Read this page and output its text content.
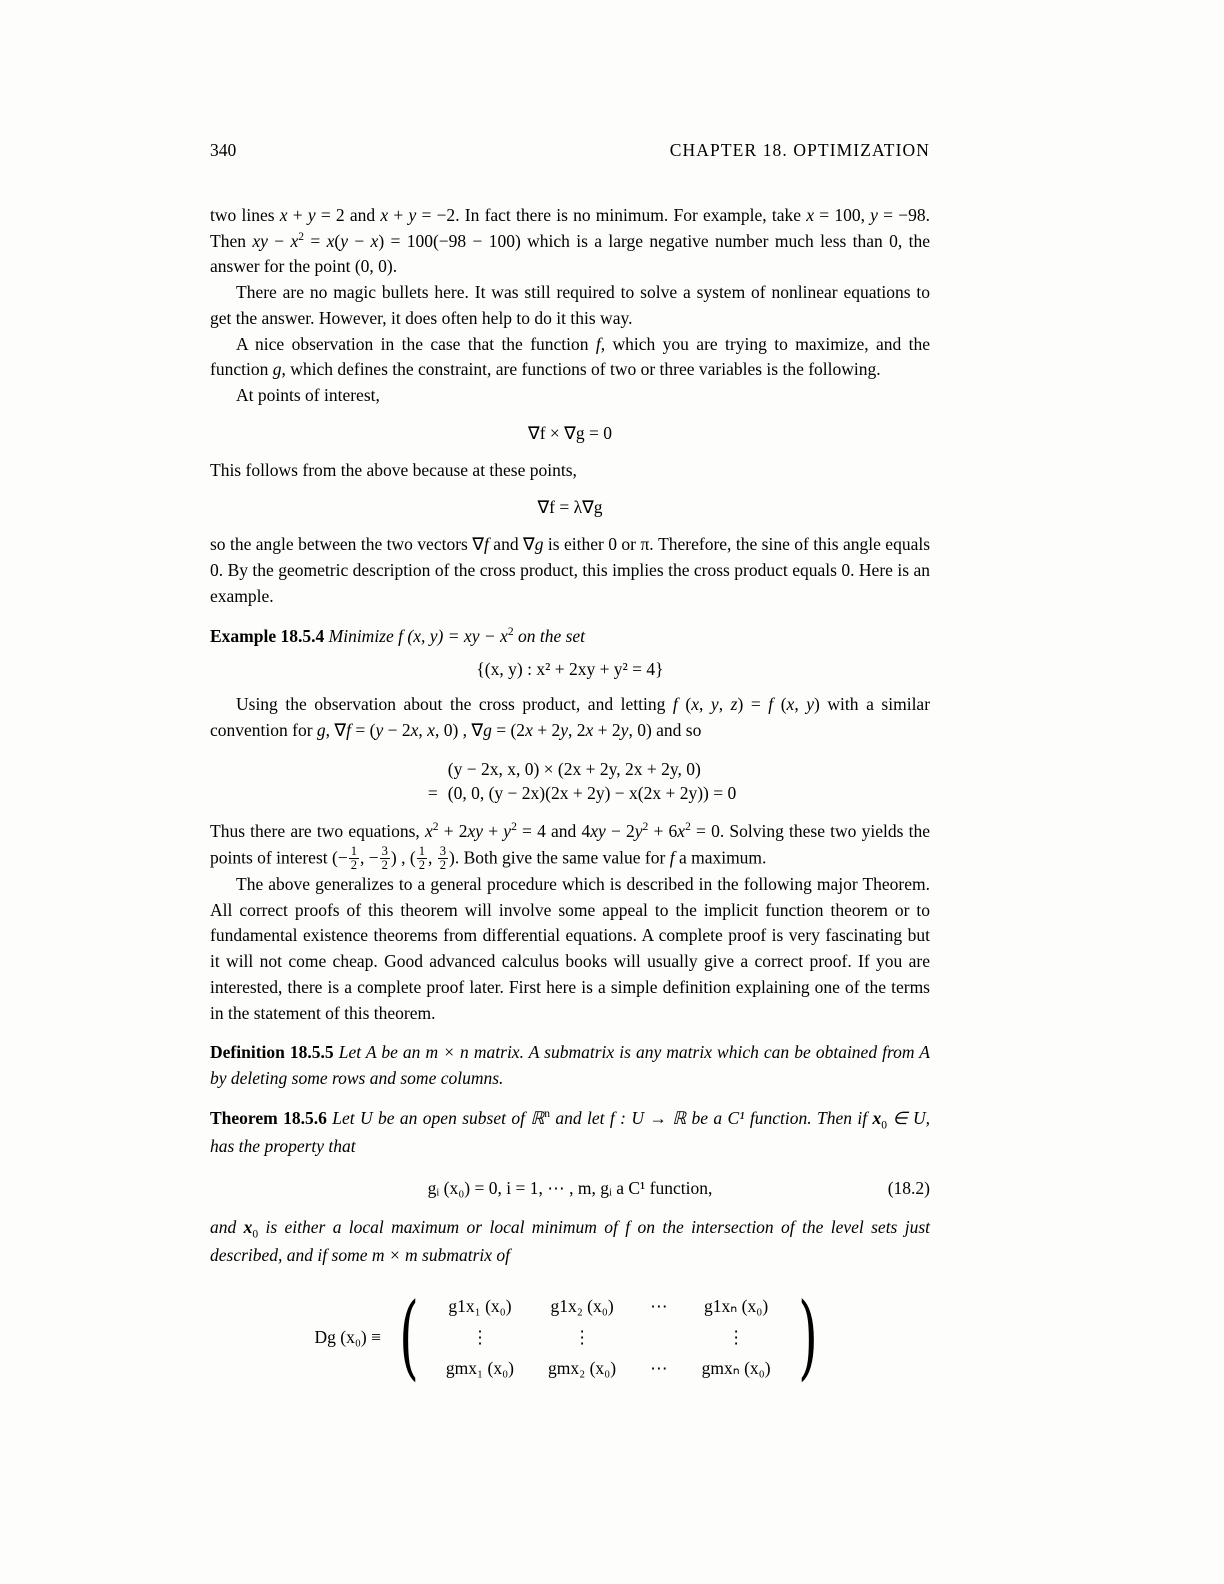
340	CHAPTER 18. OPTIMIZATION

two lines x + y = 2 and x + y = −2. In fact there is no minimum. For example, take x = 100, y = −98. Then xy − $x^2 = x(y - x) = 100(-98 - 100)$ which is a large negative number much less than 0, the answer for the point (0, 0).

There are no magic bullets here. It was still required to solve a system of nonlinear equations to get the answer. However, it does often help to do it this way.

A nice observation in the case that the function f, which you are trying to maximize, and the function g, which defines the constraint, are functions of two or three variables is the following.

At points of interest,

∇f × ∇g = 0

This follows from the above because at these points,

∇f = λ∇g

so the angle between the two vectors ∇f and ∇g is either 0 or π. Therefore, the sine of this angle equals 0. By the geometric description of the cross product, this implies the cross product equals 0. Here is an example.

Example 18.5.4 Minimize f (x, y) = xy − $x^2$ on the set

{(x, y) : x² + 2xy + y² = 4}

Using the observation about the cross product, and letting f (x, y, z) = f (x, y) with a similar convention for g, ∇f = (y − 2x, x, 0) , ∇g = (2x + 2y, 2x + 2y, 0) and so

(y − 2x, x, 0) × (2x + 2y, 2x + 2y, 0)
= (0, 0, (y − 2x)(2x + 2y) − x(2x + 2y)) = 0

Thus there are two equations, $x^2 + 2xy + y^2 = 4$ and $4xy - 2y^2 + 6x^2 = 0$. Solving these two yields the points of interest (− $\frac{1}{2}$ , − $\frac{3}{2}$ ) , ( $\frac{1}{2}$ , $\frac{3}{2}$ ). Both give the same value for f a maximum.

The above generalizes to a general procedure which is described in the following major Theorem. All correct proofs of this theorem will involve some appeal to the implicit function theorem or to fundamental existence theorems from differential equations. A complete proof is very fascinating but it will not come cheap. Good advanced calculus books will usually give a correct proof. If you are interested, there is a complete proof later. First here is a simple definition explaining one of the terms in the statement of this theorem.

Definition 18.5.5 Let A be an m × n matrix. A submatrix is any matrix which can be obtained from A by deleting some rows and some columns.

Theorem 18.5.6 Let U be an open subset of ℝ$^n$ and let f : U → ℝ be a C¹ function. Then if $x_0$ ∈ U, has the property that

gᵢ (x₀) = 0, i = 1, ⋯ , m, gᵢ a C¹ function,	(18.2)

and $x_0$ is either a local maximum or local minimum of f on the intersection of the level sets just described, and if some m × m submatrix of

Dg (x₀) ≡ ( g1x₁ (x₀)	g1x₂ (x₀)	⋯	g1xₙ (x₀)
⋮	⋮		⋮
gmx₁ (x₀)	gmx₂ (x₀)	⋯	gmxₙ (x₀) )
